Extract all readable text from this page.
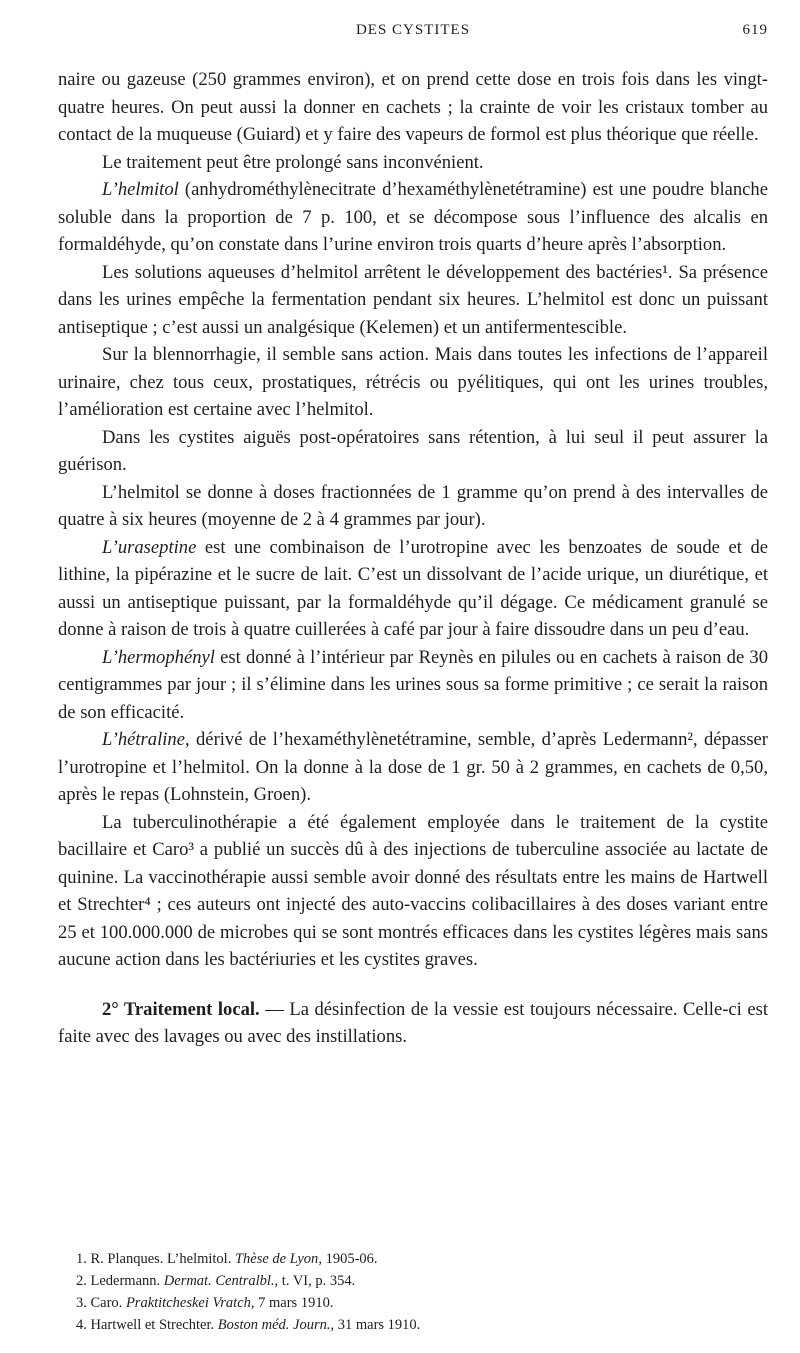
DES CYSTITES	619

naire ou gazeuse (250 grammes environ), et on prend cette dose en trois fois dans les vingt-quatre heures. On peut aussi la donner en cachets ; la crainte de voir les cristaux tomber au contact de la muqueuse (Guiard) et y faire des vapeurs de formol est plus théorique que réelle.

Le traitement peut être prolongé sans inconvénient.

L’helmitol (anhydrométhylènecitrate d’hexaméthylènetétramine) est une poudre blanche soluble dans la proportion de 7 p. 100, et se décompose sous l’influence des alcalis en formaldéhyde, qu’on constate dans l’urine environ trois quarts d’heure après l’absorption.

Les solutions aqueuses d’helmitol arrêtent le développement des bactéries¹. Sa présence dans les urines empêche la fermentation pendant six heures. L’helmitol est donc un puissant antiseptique ; c’est aussi un analgésique (Kelemen) et un antifermentescible.

Sur la blennorrhagie, il semble sans action. Mais dans toutes les infections de l’appareil urinaire, chez tous ceux, prostatiques, rétrécis ou pyélitiques, qui ont les urines troubles, l’amélioration est certaine avec l’helmitol.

Dans les cystites aiguës post-opératoires sans rétention, à lui seul il peut assurer la guérison.

L’helmitol se donne à doses fractionnées de 1 gramme qu’on prend à des intervalles de quatre à six heures (moyenne de 2 à 4 grammes par jour).

L’uraseptine est une combinaison de l’urotropine avec les benzoates de soude et de lithine, la pipérazine et le sucre de lait. C’est un dissolvant de l’acide urique, un diurétique, et aussi un antiseptique puissant, par la formaldéhyde qu’il dégage. Ce médicament granulé se donne à raison de trois à quatre cuillerées à café par jour à faire dissoudre dans un peu d’eau.

L’hermophényl est donné à l’intérieur par Reynès en pilules ou en cachets à raison de 30 centigrammes par jour ; il s’élimine dans les urines sous sa forme primitive ; ce serait la raison de son efficacité.

L’hétraline, dérivé de l’hexaméthylènetétramine, semble, d’après Ledermann², dépasser l’urotropine et l’helmitol. On la donne à la dose de 1 gr. 50 à 2 grammes, en cachets de 0,50, après le repas (Lohnstein, Groen).

La tuberculinothérapie a été également employée dans le traitement de la cystite bacillaire et Caro³ a publié un succès dû à des injections de tuberculine associée au lactate de quinine. La vaccinothérapie aussi semble avoir donné des résultats entre les mains de Hartwell et Strechter⁴ ; ces auteurs ont injecté des auto-vaccins colibacillaires à des doses variant entre 25 et 100.000.000 de microbes qui se sont montrés efficaces dans les cystites légères mais sans aucune action dans les bactériuries et les cystites graves.

2° Traitement local. — La désinfection de la vessie est toujours nécessaire. Celle-ci est faite avec des lavages ou avec des instillations.

1. R. Planques. L’helmitol. Thèse de Lyon, 1905-06.
2. Ledermann. Dermat. Centralbl., t. VI, p. 354.
3. Caro. Praktitcheskei Vratch, 7 mars 1910.
4. Hartwell et Strechter. Boston méd. Journ., 31 mars 1910.
